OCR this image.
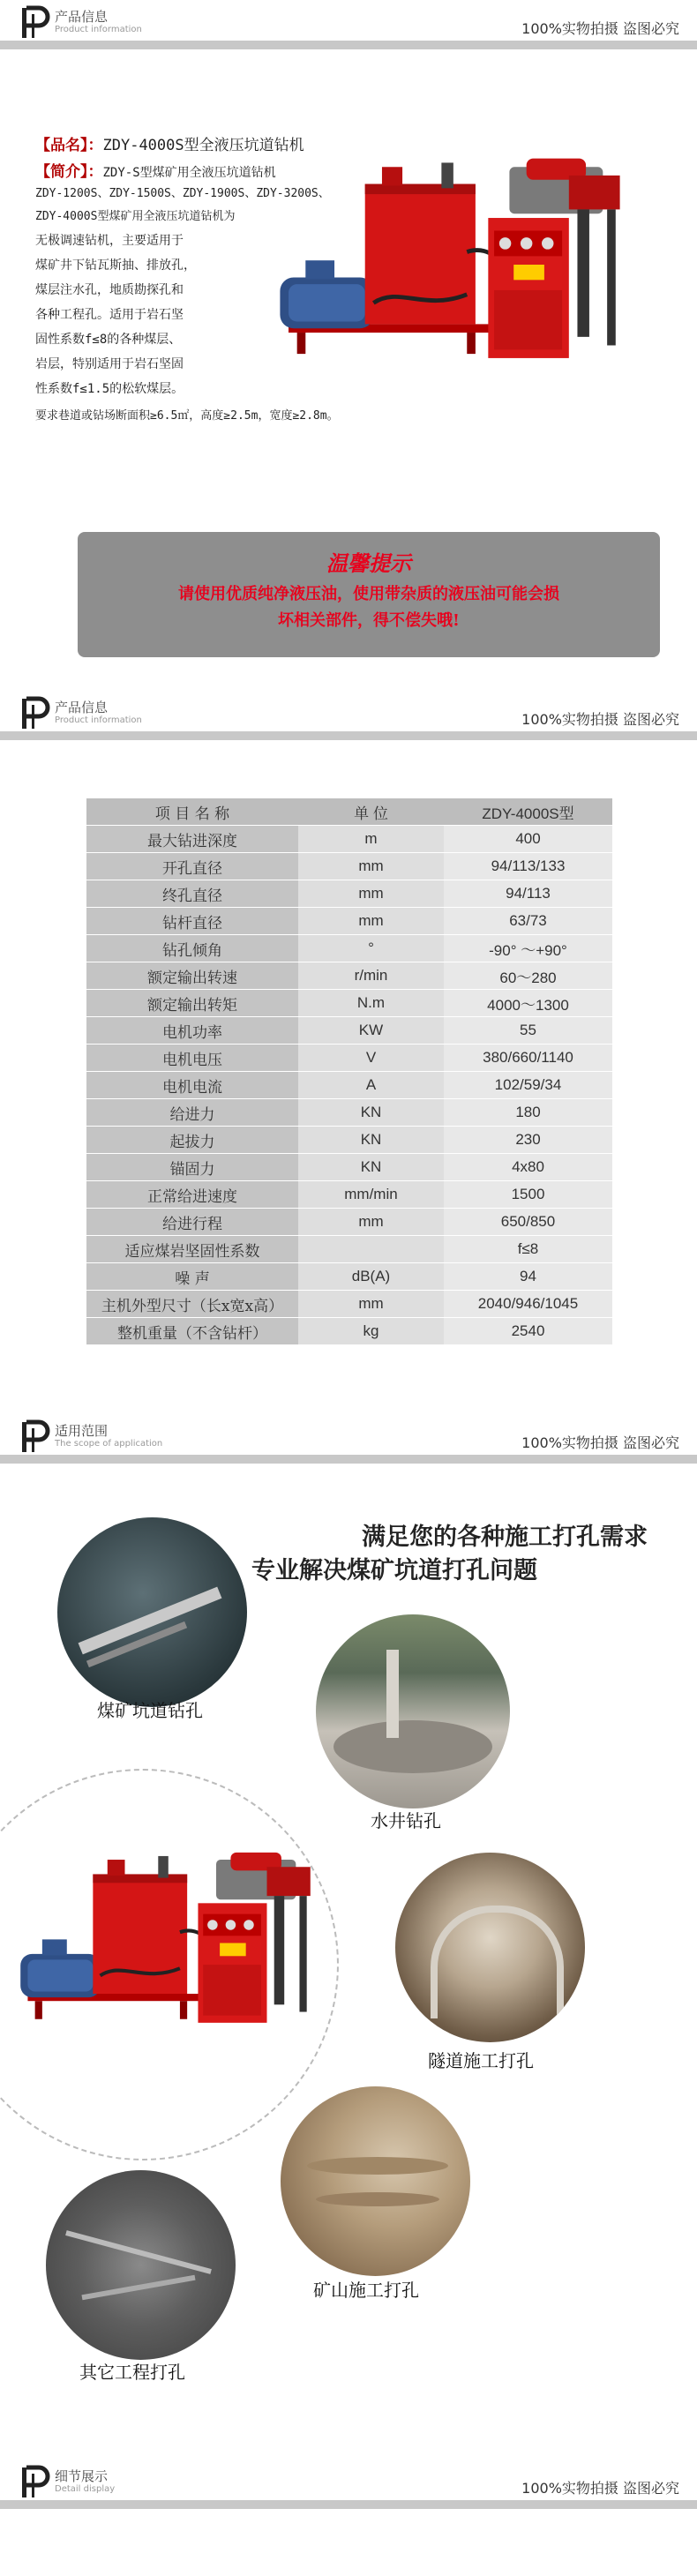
产品信息
Product information	100%实物拍摄 盗图必究
【品名】：ZDY-4000S型全液压坑道钻机
【简介】：ZDY-S型煤矿用全液压坑道钻机
ZDY-1200S、ZDY-1500S、ZDY-1900S、ZDY-3200S、
ZDY-4000S型煤矿用全液压坑道钻机为
无极调速钻机，主要适用于
煤矿井下钻瓦斯抽、排放孔，
煤层注水孔，地质勘探孔和
各种工程孔。适用于岩石坚
固性系数f≤8的各种煤层、
岩层，特别适用于岩石坚固
性系数f≤1.5的松软煤层。
要求巷道或钻场断面积≥6.5㎡，高度≥2.5m，宽度≥2.8m。
温馨提示
请使用优质纯净液压油，使用带杂质的液压油可能会损
坏相关部件，得不偿失哦!
产品信息
Product information	100%实物拍摄 盗图必究
项 目 名 称	单 位	ZDY-4000S型
最大钻进深度	m	400
开孔直径	mm	94/113/133
终孔直径	mm	94/113
钻杆直径	mm	63/73
钻孔倾角	°	-90° ～+90°
额定输出转速	r/min	60～280
额定输出转矩	N.m	4000～1300
电机功率	KW	55
电机电压	V	380/660/1140
电机电流	A	102/59/34
给进力	KN	180
起拔力	KN	230
锚固力	KN	4x80
正常给进速度	mm/min	1500
给进行程	mm	650/850
适应煤岩坚固性系数		f≤8
噪 声	dB(A)	94
主机外型尺寸（长x宽x高）	mm	2040/946/1045
整机重量（不含钻杆）	kg	2540
适用范围
The scope of application	100%实物拍摄 盗图必究
满足您的各种施工打孔需求
专业解决煤矿坑道打孔问题
煤矿坑道钻孔
水井钻孔
隧道施工打孔
矿山施工打孔
其它工程打孔
细节展示
Detail display	100%实物拍摄 盗图必究
